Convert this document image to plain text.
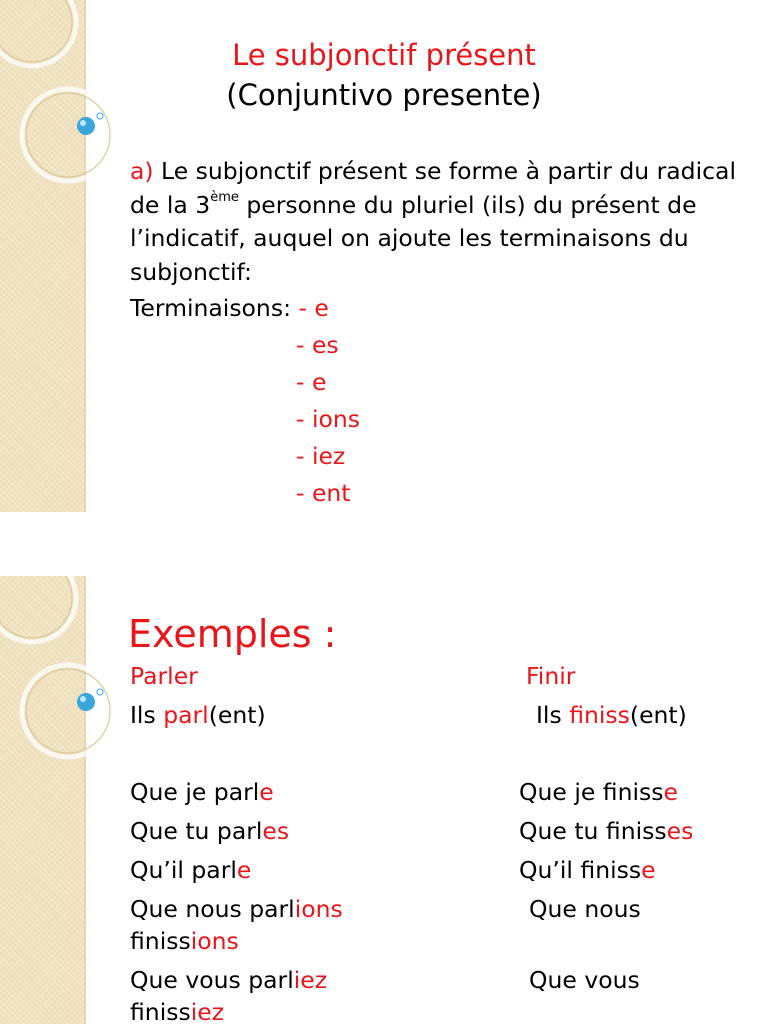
Le subjonctif présent
(Conjuntivo presente)
a) Le subjonctif présent se forme à partir du radical de la 3ème personne du pluriel (ils) du présent de l’indicatif, auquel on ajoute les terminaisons du subjonctif:
Terminaisons: - e
- es
- e
- ions
- iez
- ent
Exemples :
Parler	Finir
Ils parl(ent)	Ils finiss(ent)
Que je parle
Que tu parles
Qu’il parle
Que nous parlions
finissions
Que vous parliez
finissiez
Que je finisse
Que tu finisses
Qu’il finisse
Que nous
Que vous
